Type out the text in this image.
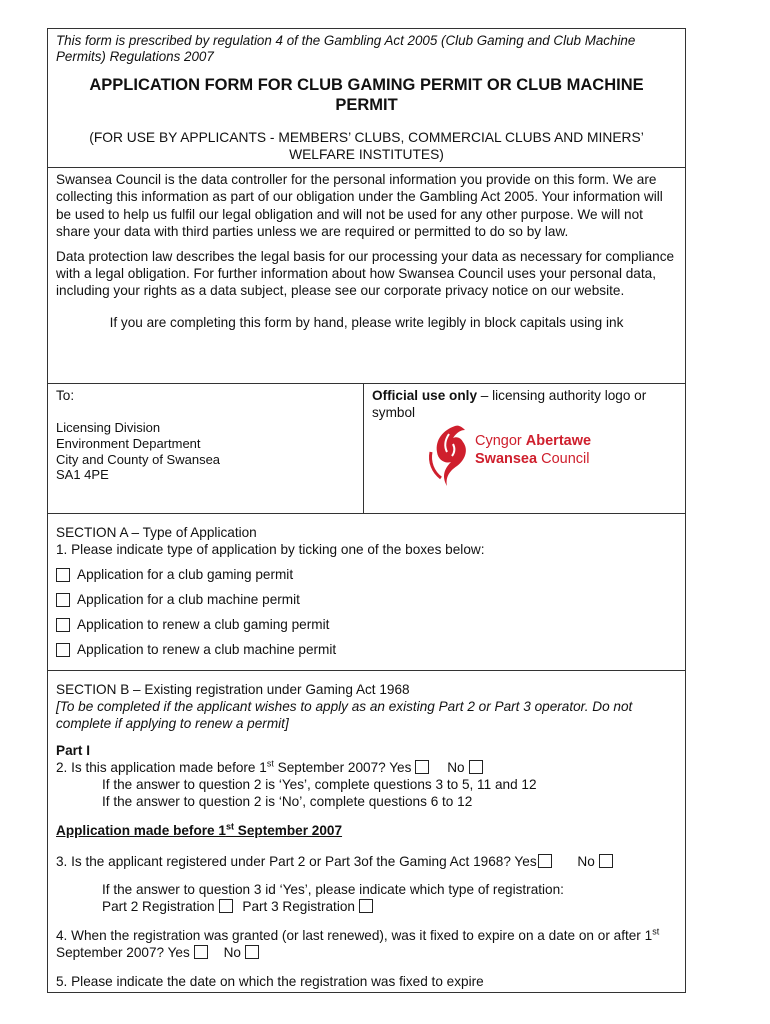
This form is prescribed by regulation 4 of the Gambling Act 2005 (Club Gaming and Club Machine Permits) Regulations 2007
APPLICATION FORM FOR CLUB GAMING PERMIT OR CLUB MACHINE PERMIT
(FOR USE BY APPLICANTS - MEMBERS’ CLUBS, COMMERCIAL CLUBS AND MINERS’ WELFARE INSTITUTES)

Swansea Council is the data controller for the personal information you provide on this form. We are collecting this information as part of our obligation under the Gambling Act 2005. Your information will be used to help us fulfil our legal obligation and will not be used for any other purpose. We will not share your data with third parties unless we are required or permitted to do so by law.

Data protection law describes the legal basis for our processing your data as necessary for compliance with a legal obligation. For further information about how Swansea Council uses your personal data, including your rights as a data subject, please see our corporate privacy notice on our website.

If you are completing this form by hand, please write legibly in block capitals using ink
To:
Licensing Division
Environment Department
City and County of Swansea
SA1 4PE
Official use only – licensing authority logo or symbol
Cyngor Abertawe
Swansea Council
SECTION A – Type of Application
1. Please indicate type of application by ticking one of the boxes below:
Application for a club gaming permit
Application for a club machine permit
Application to renew a club gaming permit
Application to renew a club machine permit
SECTION B – Existing registration under Gaming Act 1968
[To be completed if the applicant wishes to apply as an existing Part 2 or Part 3 operator. Do not complete if applying to renew a permit]
Part I
2. Is this application made before 1st September 2007? Yes	No
If the answer to question 2 is ‘Yes’, complete questions 3 to 5, 11 and 12
If the answer to question 2 is ‘No’, complete questions 6 to 12
Application made before 1st September 2007
3. Is the applicant registered under Part 2 or Part 3of the Gaming Act 1968? Yes	No
If the answer to question 3 id ‘Yes’, please indicate which type of registration:
Part 2 Registration Part 3 Registration
4. When the registration was granted (or last renewed), was it fixed to expire on a date on or after 1st September 2007? Yes No
5. Please indicate the date on which the registration was fixed to expire
